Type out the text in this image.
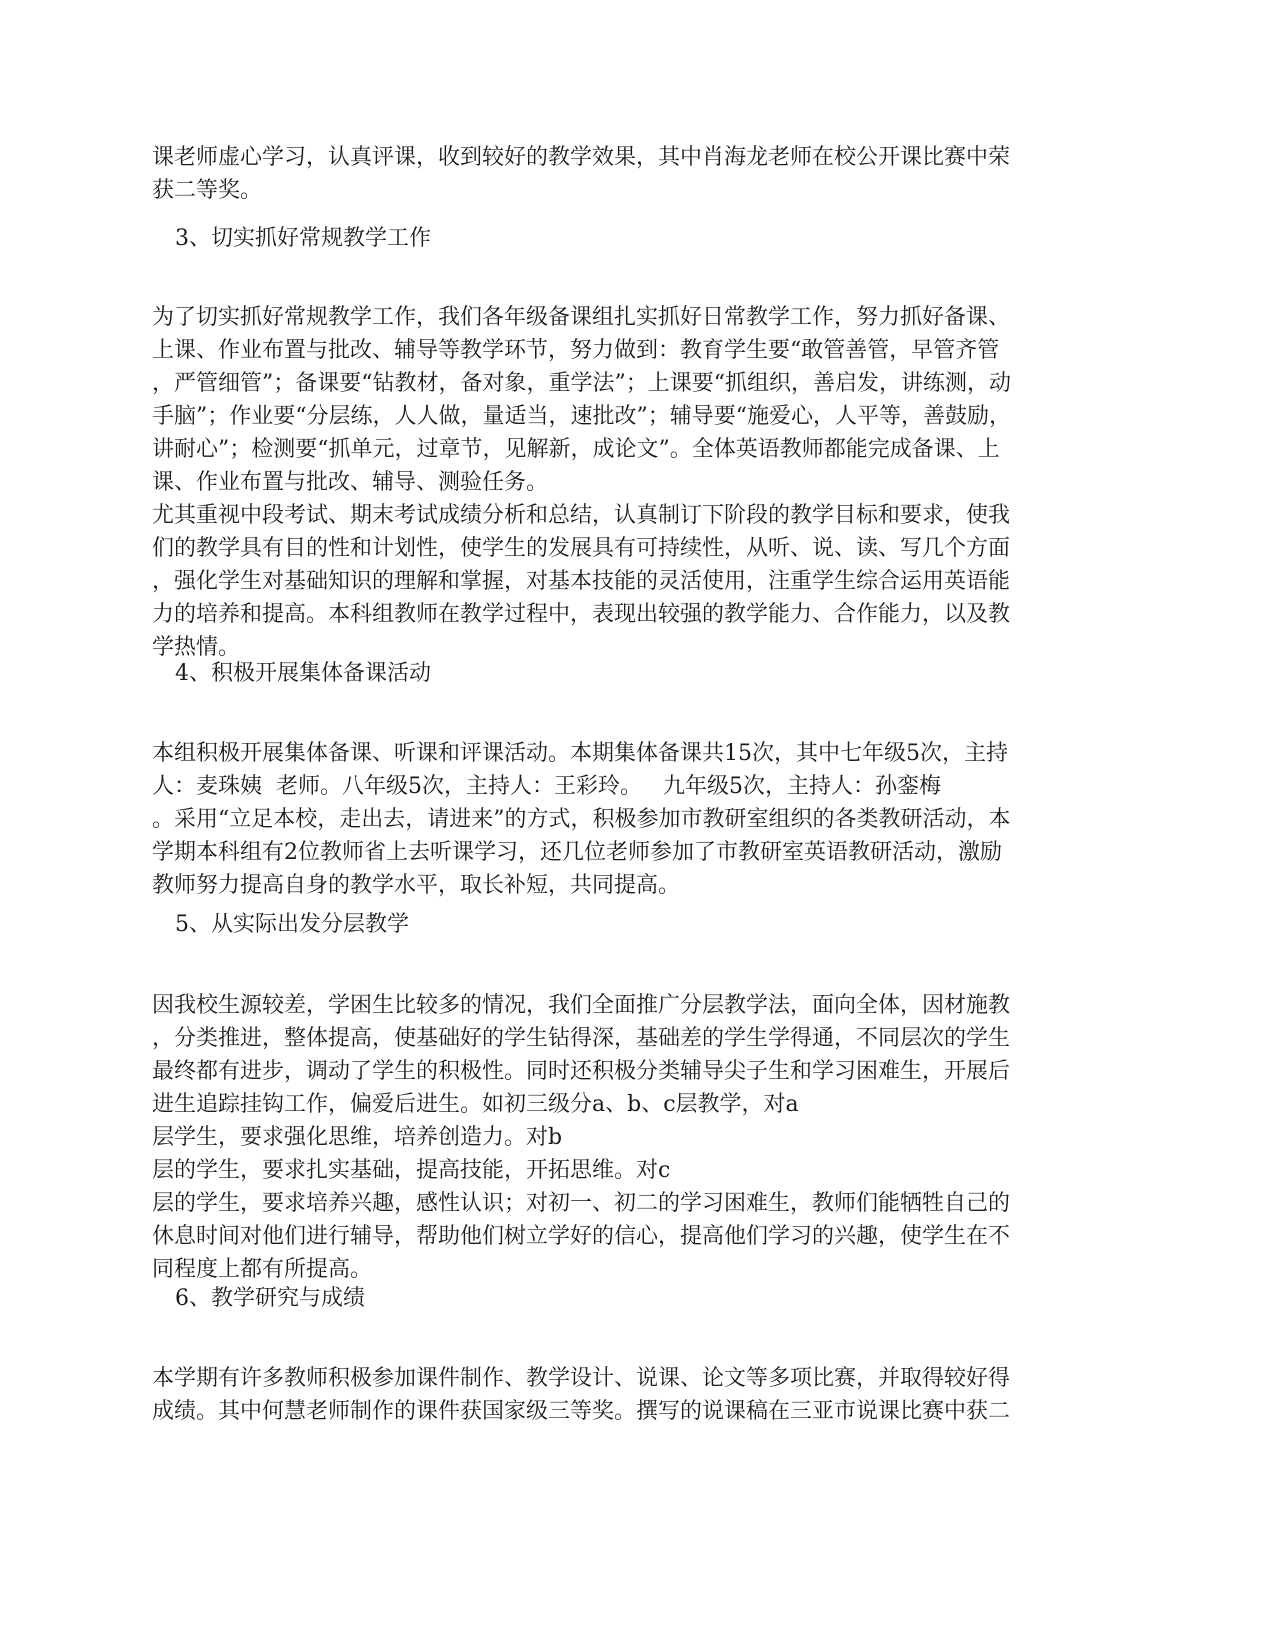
课老师虚心学习，认真评课，收到较好的教学效果，其中肖海龙老师在校公开课比赛中荣
获二等奖。
3、切实抓好常规教学工作
为了切实抓好常规教学工作，我们各年级备课组扎实抓好日常教学工作，努力抓好备课、
上课、作业布置与批改、辅导等教学环节，努力做到：教育学生要“敢管善管，早管齐管
，严管细管”；备课要“钻教材，备对象，重学法”；上课要“抓组织，善启发，讲练测，动
手脑”；作业要“分层练，人人做，量适当，速批改”；辅导要“施爱心，人平等，善鼓励，
讲耐心”；检测要“抓单元，过章节，见解新，成论文”。全体英语教师都能完成备课、上
课、作业布置与批改、辅导、测验任务。
尤其重视中段考试、期末考试成绩分析和总结，认真制订下阶段的教学目标和要求，使我
们的教学具有目的性和计划性，使学生的发展具有可持续性，从听、说、读、写几个方面
，强化学生对基础知识的理解和掌握，对基本技能的灵活使用，注重学生综合运用英语能
力的培养和提高。本科组教师在教学过程中，表现出较强的教学能力、合作能力，以及教
学热情。
4、积极开展集体备课活动
本组积极开展集体备课、听课和评课活动。本期集体备课共15次，其中七年级5次，主持
人：麦珠姨  老师。八年级5次，主持人：王彩玲。   九年级5次，主持人：孙銮梅
。采用“立足本校，走出去，请进来”的方式，积极参加市教研室组织的各类教研活动，本
学期本科组有2位教师省上去听课学习，还几位老师参加了市教研室英语教研活动，激励
教师努力提高自身的教学水平，取长补短，共同提高。
5、从实际出发分层教学
因我校生源较差，学困生比较多的情况，我们全面推广分层教学法，面向全体，因材施教
，分类推进，整体提高，使基础好的学生钻得深，基础差的学生学得通，不同层次的学生
最终都有进步，调动了学生的积极性。同时还积极分类辅导尖子生和学习困难生，开展后
进生追踪挂钩工作，偏爱后进生。如初三级分a、b、c层教学，对a
层学生，要求强化思维，培养创造力。对b
层的学生，要求扎实基础，提高技能，开拓思维。对c
层的学生，要求培养兴趣，感性认识；对初一、初二的学习困难生，教师们能牺牲自己的
休息时间对他们进行辅导，帮助他们树立学好的信心，提高他们学习的兴趣，使学生在不
同程度上都有所提高。
6、教学研究与成绩
本学期有许多教师积极参加课件制作、教学设计、说课、论文等多项比赛，并取得较好得
成绩。其中何慧老师制作的课件获国家级三等奖。撰写的说课稿在三亚市说课比赛中获二
